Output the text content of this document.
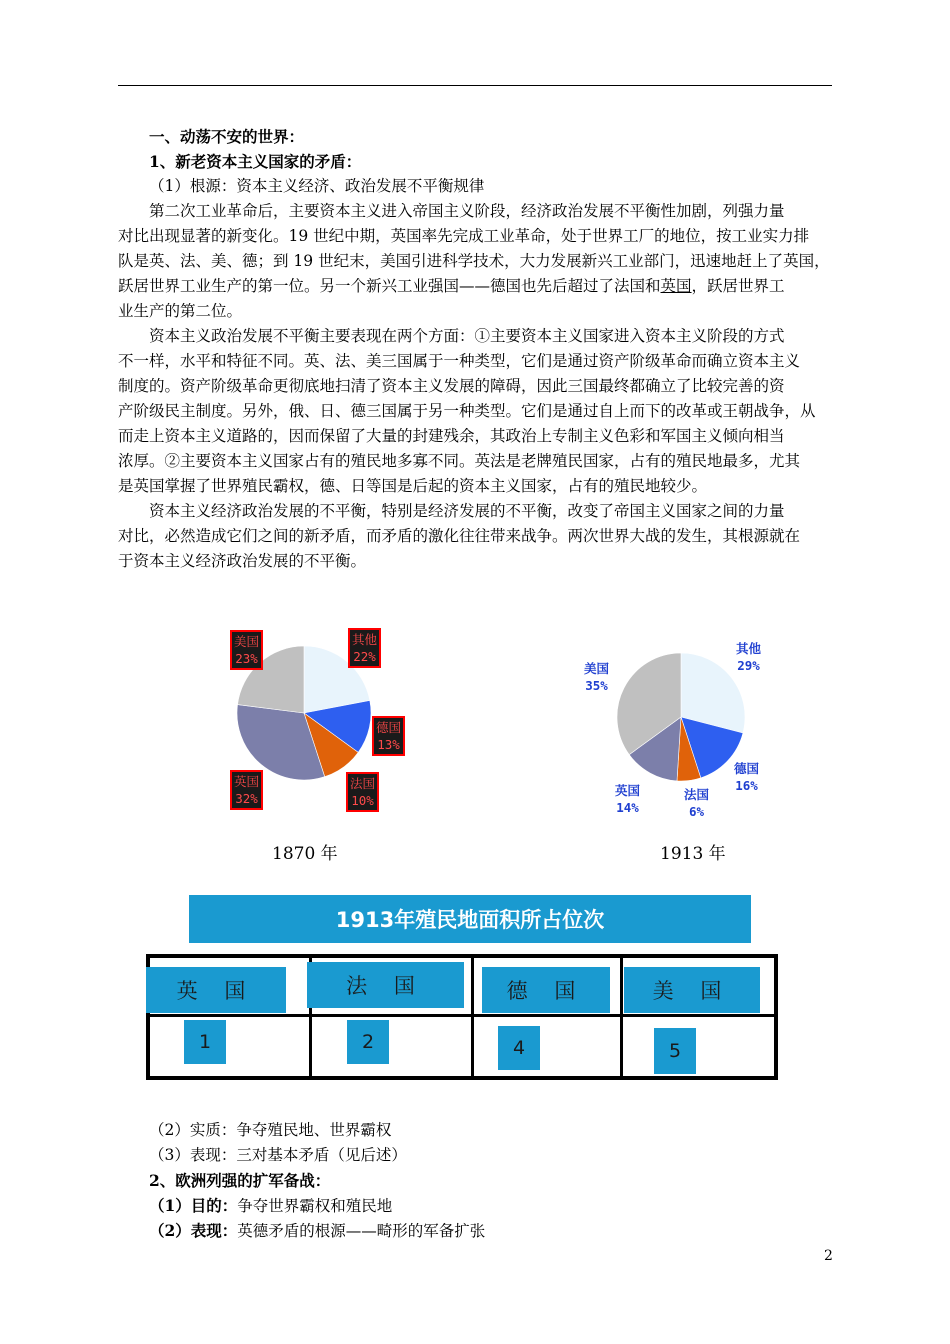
一、动荡不安的世界：
1、新老资本主义国家的矛盾：
（1）根源：资本主义经济、政治发展不平衡规律
第二次工业革命后，主要资本主义进入帝国主义阶段，经济政治发展不平衡性加剧，列强力量
对比出现显著的新变化。19 世纪中期，英国率先完成工业革命，处于世界工厂的地位，按工业实力排
队是英、法、美、德；到 19 世纪末，美国引进科学技术，大力发展新兴工业部门，迅速地赶上了英国，
跃居世界工业生产的第一位。另一个新兴工业强国——德国也先后超过了法国和英国，跃居世界工
业生产的第二位。
资本主义政治发展不平衡主要表现在两个方面：①主要资本主义国家进入资本主义阶段的方式
不一样，水平和特征不同。英、法、美三国属于一种类型，它们是通过资产阶级革命而确立资本主义
制度的。资产阶级革命更彻底地扫清了资本主义发展的障碍，因此三国最终都确立了比较完善的资
产阶级民主制度。另外，俄、日、德三国属于另一种类型。它们是通过自上而下的改革或王朝战争，从
而走上资本主义道路的，因而保留了大量的封建残余，其政治上专制主义色彩和军国主义倾向相当
浓厚。②主要资本主义国家占有的殖民地多寡不同。英法是老牌殖民国家，占有的殖民地最多，尤其
是英国掌握了世界殖民霸权，德、日等国是后起的资本主义国家，占有的殖民地较少。
资本主义经济政治发展的不平衡，特别是经济发展的不平衡，改变了帝国主义国家之间的力量
对比，必然造成它们之间的新矛盾，而矛盾的激化往往带来战争。两次世界大战的发生，其根源就在
于资本主义经济政治发展的不平衡。
其他
22%
德国
13%
法国
10%
英国
32%
美国
23%
1870 年
其他
29%
德国
16%
法国
6%
英国
14%
美国
35%
1913 年
1913年殖民地面积所占位次
英 国	法 国	德 国	美 国
1	2	4	5
（2）实质：争夺殖民地、世界霸权
（3）表现：三对基本矛盾（见后述）
2、欧洲列强的扩军备战：
（1）目的：争夺世界霸权和殖民地
（2）表现：英德矛盾的根源——畸形的军备扩张
2
